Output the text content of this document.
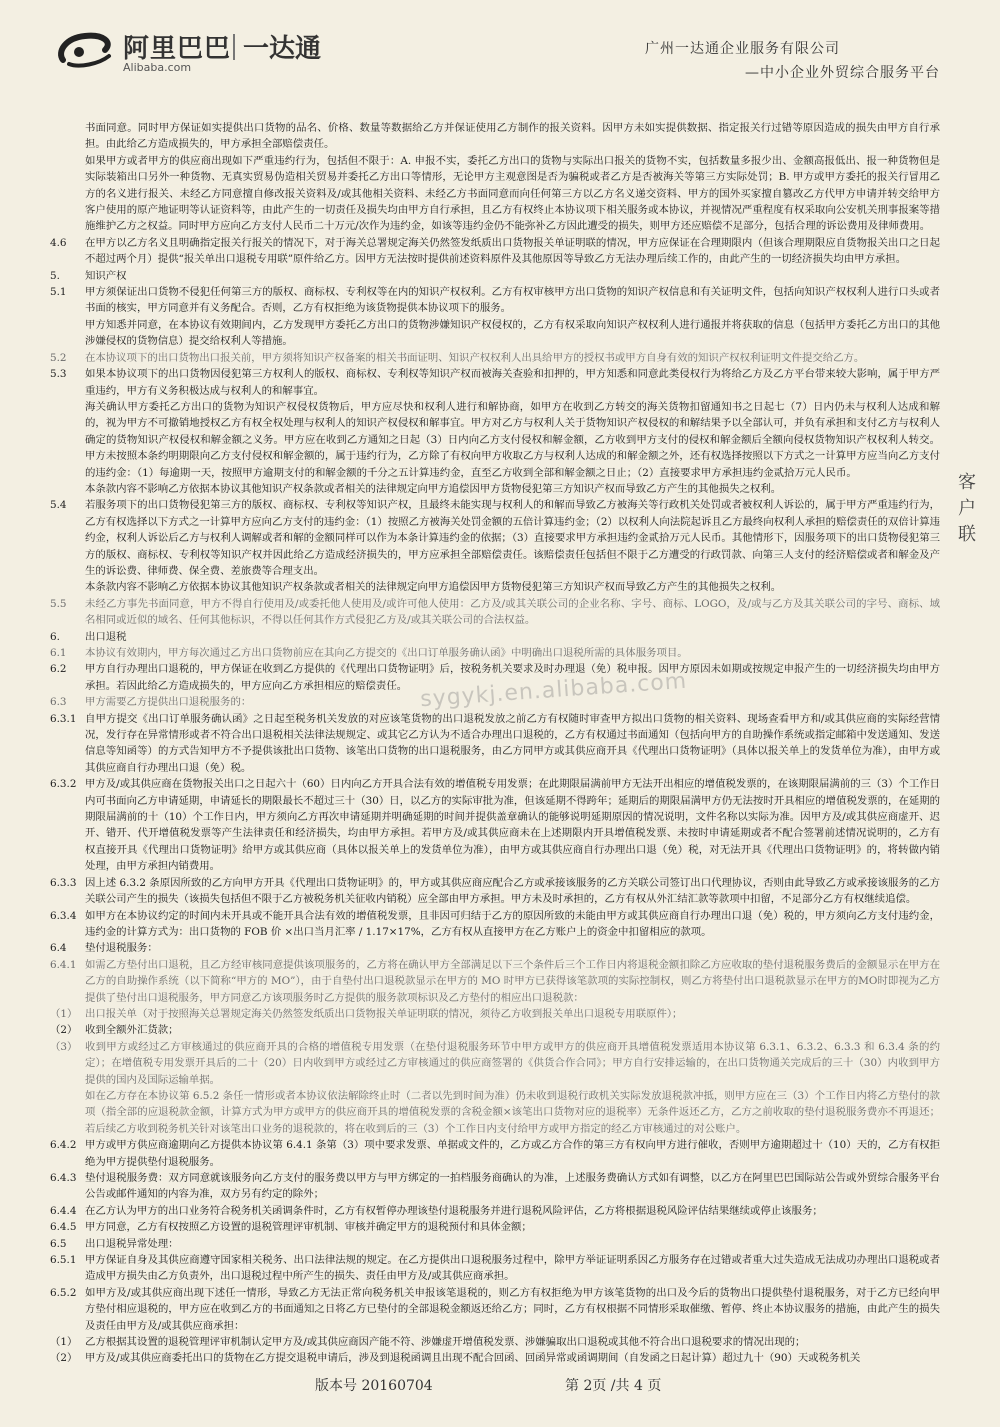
阿里巴巴
Alibaba.com
一达通	广州一达通企业服务有限公司
—中小企业外贸综合服务平台
书面同意。同时甲方保证如实提供出口货物的品名、价格、数量等数据给乙方并保证使用乙方制作的报关资料。因甲方未如实提供数据、指定报关行过错等原因造成的损失由甲方自行承担。由此给乙方造成损失的，甲方承担全部赔偿责任。
如果甲方或者甲方的供应商出现如下严重违约行为，包括但不限于：A. 申报不实，委托乙方出口的货物与实际出口报关的货物不实，包括数量多报少出、金额高报低出、报一种货物但是实际装箱出口另外一种货物、无真实贸易伪造相关贸易并委托乙方出口等情形，无论甲方主观意图是否为骗税或者乙方是否被海关等第三方实际处罚；B. 甲方或甲方委托的报关行冒用乙方的名义进行报关、未经乙方同意擅自修改报关资料及/或其他相关资料、未经乙方书面同意而向任何第三方以乙方名义递交资料、甲方的国外买家擅自篡改乙方代甲方申请并转交给甲方客户使用的原产地证明等认证资料等，由此产生的一切责任及损失均由甲方自行承担，且乙方有权终止本协议项下相关服务或本协议，并视情况严重程度有权采取向公安机关刑事报案等措施维护乙方之权益。同时甲方应向乙方支付人民币二十万元/次作为违约金，如该等违约金仍不能弥补乙方因此遭受的损失，则甲方还应赔偿不足部分，包括合理的诉讼费用及律师费用。
4.6	在甲方以乙方名义且明确指定报关行报关的情况下，对于海关总署规定海关仍然签发纸质出口货物报关单证明联的情况，甲方应保证在合理期限内（但该合理期限应自货物报关出口之日起不超过两个月）提供“报关单出口退税专用联”原件给乙方。因甲方无法按时提供前述资料原件及其他原因等导致乙方无法办理后续工作的，由此产生的一切经济损失均由甲方承担。
5.	知识产权
5.1	甲方须保证出口货物不侵犯任何第三方的版权、商标权、专利权等在内的知识产权权利。乙方有权审核甲方出口货物的知识产权信息和有关证明文件，包括向知识产权权利人进行口头或者书面的核实，甲方同意并有义务配合。否则，乙方有权拒绝为该货物提供本协议项下的服务。
甲方知悉并同意，在本协议有效期间内，乙方发现甲方委托乙方出口的货物涉嫌知识产权侵权的，乙方有权采取向知识产权权利人进行通报并将获取的信息（包括甲方委托乙方出口的其他涉嫌侵权的货物信息）提交给权利人等措施。
5.2	在本协议项下的出口货物出口报关前，甲方须将知识产权备案的相关书面证明、知识产权权利人出具给甲方的授权书或甲方自身有效的知识产权权利证明文件提交给乙方。
5.3	如果本协议项下的出口货物因侵犯第三方权利人的版权、商标权、专利权等知识产权而被海关查验和扣押的，甲方知悉和同意此类侵权行为将给乙方及乙方平台带来较大影响，属于甲方严重违约，甲方有义务积极达成与权利人的和解事宜。
海关确认甲方委托乙方出口的货物为知识产权侵权货物后，甲方应尽快和权利人进行和解协商，如甲方在收到乙方转交的海关货物扣留通知书之日起七（7）日内仍未与权利人达成和解的，视为甲方不可撤销地授权乙方有权全权处理与权利人的知识产权侵权和解事宜。甲方对乙方与权利人关于货物知识产权侵权的和解结果予以全部认可，并负有承担和支付乙方与权利人确定的货物知识产权侵权和解金额之义务。甲方应在收到乙方通知之日起（3）日内向乙方支付侵权和解金额，乙方收到甲方支付的侵权和解金额后全额向侵权货物知识产权权利人转交。甲方未按照本条约明期限向乙方支付侵权和解金额的，属于违约行为，乙方除了有权向甲方收取乙方与权利人达成的和解金额之外，还有权选择按照以下方式之一计算甲方应当向乙方支付的违约金：（1）每逾期一天，按照甲方逾期支付的和解金额的千分之五计算违约金，直至乙方收到全部和解金额之日止；（2）直接要求甲方承担违约金贰拾万元人民币。
本条款内容不影响乙方依据本协议其他知识产权条款或者相关的法律规定向甲方追偿因甲方货物侵犯第三方知识产权而导致乙方产生的其他损失之权利。
5.4	若服务项下的出口货物侵犯第三方的版权、商标权、专利权等知识产权，且最终未能实现与权利人的和解而导致乙方被海关等行政机关处罚或者被权利人诉讼的，属于甲方严重违约行为，乙方有权选择以下方式之一计算甲方应向乙方支付的违约金：（1）按照乙方被海关处罚金额的五倍计算违约金；（2）以权利人向法院起诉且乙方最终向权利人承担的赔偿责任的双倍计算违约金，权利人诉讼后乙方与权利人调解或者和解的金额同样可以作为本条计算违约金的依据；（3）直接要求甲方承担违约金贰拾万元人民币。其他情形下，因服务项下的出口货物侵犯第三方的版权、商标权、专利权等知识产权并因此给乙方造成经济损失的，甲方应承担全部赔偿责任。该赔偿责任包括但不限于乙方遭受的行政罚款、向第三人支付的经济赔偿或者和解金及产生的诉讼费、律师费、保全费、差旅费等合理支出。
本条款内容不影响乙方依据本协议其他知识产权条款或者相关的法律规定向甲方追偿因甲方货物侵犯第三方知识产权而导致乙方产生的其他损失之权利。
5.5	未经乙方事先书面同意，甲方不得自行使用及/或委托他人使用及/或许可他人使用：乙方及/或其关联公司的企业名称、字号、商标、LOGO，及/或与乙方及其关联公司的字号、商标、域名相同或近似的域名、任何其他标识，不得以任何其作方式侵犯乙方及/或其关联公司的合法权益。
6.	出口退税
6.1	本协议有效期内，甲方每次通过乙方出口货物前应在其向乙方提交的《出口订单服务确认函》中明确出口退税所需的具体服务项目。
6.2	甲方自行办理出口退税的，甲方保证在收到乙方提供的《代理出口货物证明》后，按税务机关要求及时办理退（免）税申报。因甲方原因未如期或按规定申报产生的一切经济损失均由甲方承担。若因此给乙方造成损失的，甲方应向乙方承担相应的赔偿责任。
6.3	甲方需要乙方提供出口退税服务的：
6.3.1 自甲方提交《出口订单服务确认函》之日起至税务机关发放的对应该笔货物的出口退税发放之前乙方有权随时审查甲方拟出口货物的相关资料、现场查看甲方和/或其供应商的实际经营情况，发行存在异常情形或者不符合出口退税相关法律法规规定、或其它乙方认为不适合办理出口退税的，乙方有权通过书面通知（包括向甲方的自助操作系统或指定邮箱中发送通知、发送信息等知函等）的方式告知甲方不予提供该批出口货物、该笔出口货物的出口退税服务，由乙方同甲方或其供应商开具《代理出口货物证明》（具体以报关单上的发货单位为准），由甲方或其供应商自行办理出口退（免）税。
6.3.2 甲方及/或其供应商在货物报关出口之日起六十（60）日内向乙方开具合法有效的增值税专用发票；在此期限届满前甲方无法开出相应的增值税发票的，在该期限届满前的三（3）个工作日内可书面向乙方申请延期，申请延长的期限最长不超过三十（30）日，以乙方的实际审批为准，但该延期不得跨年；延期后的期限届满甲方仍无法按时开具相应的增值税发票的，在延期的期限届满前的十（10）个工作日内，甲方须向乙方再次申请延期并明确延期的时间并提供盖章确认的能够说明延期原因的情况说明，文件名称以实际为准。因甲方及/或其供应商虚开、迟开、错开、代开增值税发票等产生法律责任和经济损失，均由甲方承担。若甲方及/或其供应商未在上述期限内开具增值税发票、未按时申请延期或者不配合签署前述情况说明的，乙方有权直接开具《代理出口货物证明》给甲方或其供应商（具体以报关单上的发货单位为准），由甲方或其供应商自行办理出口退（免）税，对无法开具《代理出口货物证明》的，将转做内销处理，由甲方承担内销费用。
6.3.3 因上述 6.3.2 条原因所致的乙方向甲方开具《代理出口货物证明》的，甲方或其供应商应配合乙方或承接该服务的乙方关联公司签订出口代理协议，否则由此导致乙方或承接该服务的乙方关联公司产生的损失（该损失包括但不限于乙方被税务机关征收内销税）应全部由甲方承担。甲方未及时承担的，乙方有权从外汇结汇款等款项中扣留，不足部分乙方有权继续追偿。
6.3.4 如甲方在本协议约定的时间内未开具或不能开具合法有效的增值税发票，且非因可归结于乙方的原因所致的未能由甲方或其供应商自行办理出口退（免）税的，甲方须向乙方支付违约金，违约金的计算方式为：出口货物的 FOB 价 ×出口当月汇率 / 1.17×17%，乙方有权从直接甲方在乙方账户上的资金中扣留相应的款项。
6.4	垫付退税服务：
6.4.1 如需乙方垫付出口退税，且乙方经审核同意提供该项服务的，乙方将在确认甲方全部满足以下三个条件后三个工作日内将退税金额扣除乙方应收取的垫付退税服务费后的金额显示在甲方在乙方的自助操作系统（以下简称“甲方的 MO”），由于自垫付出口退税款显示在甲方的 MO 时甲方已获得该笔款项的实际控制权，则乙方将垫付出口退税款显示在甲方的MO时即视为乙方提供了垫付出口退税服务，甲方同意乙方该项服务时乙方提供的服务款项标识及乙方垫付的相应出口退税款：
（1） 出口报关单（对于按照海关总署规定海关仍然签发纸质出口货物报关单证明联的情况，须待乙方收到报关单出口退税专用联原件）；
（2） 收到全额外汇货款；
（3） 收到甲方或经过乙方审核通过的供应商开具的合格的增值税专用发票（在垫付退税服务环节中甲方或甲方的供应商开具增值税发票适用本协议第 6.3.1、6.3.2、6.3.3 和 6.3.4 条的约定）；在增值税专用发票开具后的二十（20）日内收到甲方或经过乙方审核通过的供应商签署的《供货合作合同》；甲方自行安排运输的，在出口货物通关完成后的三十（30）内收到甲方提供的国内及国际运输单据。
如在乙方存在本协议第 6.5.2 条任一情形或者本协议依法解除终止时（二者以先到时间为准）仍未收到退税行政机关实际发放退税款冲抵，则甲方应在三（3）个工作日内将乙方垫付的款项（指全部的应退税款金额，计算方式为甲方或甲方的供应商开具的增值税发票的含税金额×该笔出口货物对应的退税率）无条件返还乙方，乙方之前收取的垫付退税服务费亦不再退还；若后续乙方收到税务机关针对该笔出口业务的退税款的，将在收到后的三（3）个工作日内支付给甲方或甲方指定的经乙方审核通过的对公账户。
6.4.2 甲方或甲方供应商逾期向乙方提供本协议第 6.4.1 条第（3）项中要求发票、单据或文件的，乙方或乙方合作的第三方有权向甲方进行催收，否则甲方逾期超过十（10）天的，乙方有权拒绝为甲方提供垫付退税服务。
6.4.3 垫付退税服务费：双方同意就该服务向乙方支付的服务费以甲方与甲方绑定的一拍档服务商确认的为准，上述服务费确认方式如有调整，以乙方在阿里巴巴国际站公告或外贸综合服务平台公告或邮件通知的内容为准，双方另有约定的除外；
6.4.4 在乙方认为甲方的出口业务符合税务机关函调条件时，乙方有权暂停办理该垫付退税服务并进行退税风险评估，乙方将根据退税风险评估结果继续或停止该服务；
6.4.5 甲方同意，乙方有权按照乙方设置的退税管理评审机制、审核并确定甲方的退税预付和具体金额；
6.5	出口退税异常处理：
6.5.1 甲方保证自身及其供应商遵守国家相关税务、出口法律法规的规定。在乙方提供出口退税服务过程中，除甲方举证证明系因乙方服务存在过错或者重大过失造成无法成功办理出口退税或者造成甲方损失由乙方负责外，出口退税过程中所产生的损失、责任由甲方及/或其供应商承担。
6.5.2 如甲方及/或其供应商出现下述任一情形，导致乙方无法正常向税务机关申报该笔退税的，则乙方有权拒绝为甲方该笔货物的出口及今后的货物出口提供垫付退税服务，对于乙方已经向甲方垫付相应退税的，甲方应在收到乙方的书面通知之日将乙方已垫付的全部退税金额返还给乙方；同时，乙方有权根据不同情形采取催缴、暂停、终止本协议服务的措施，由此产生的损失及责任由甲方及/或其供应商承担：
（1） 乙方根据其设置的退税管理评审机制认定甲方及/或其供应商因产能不符、涉嫌虚开增值税发票、涉嫌骗取出口退税或其他不符合出口退税要求的情况出现的；
（2） 甲方及/或其供应商委托出口的货物在乙方提交退税申请后，涉及到退税函调且出现不配合回函、回函异常或函调期间（自发函之日起计算）超过九十（90）天或税务机关
客户联
sygykj.en.alibaba.com
版本号 20160704	第 2页 /共 4 页
